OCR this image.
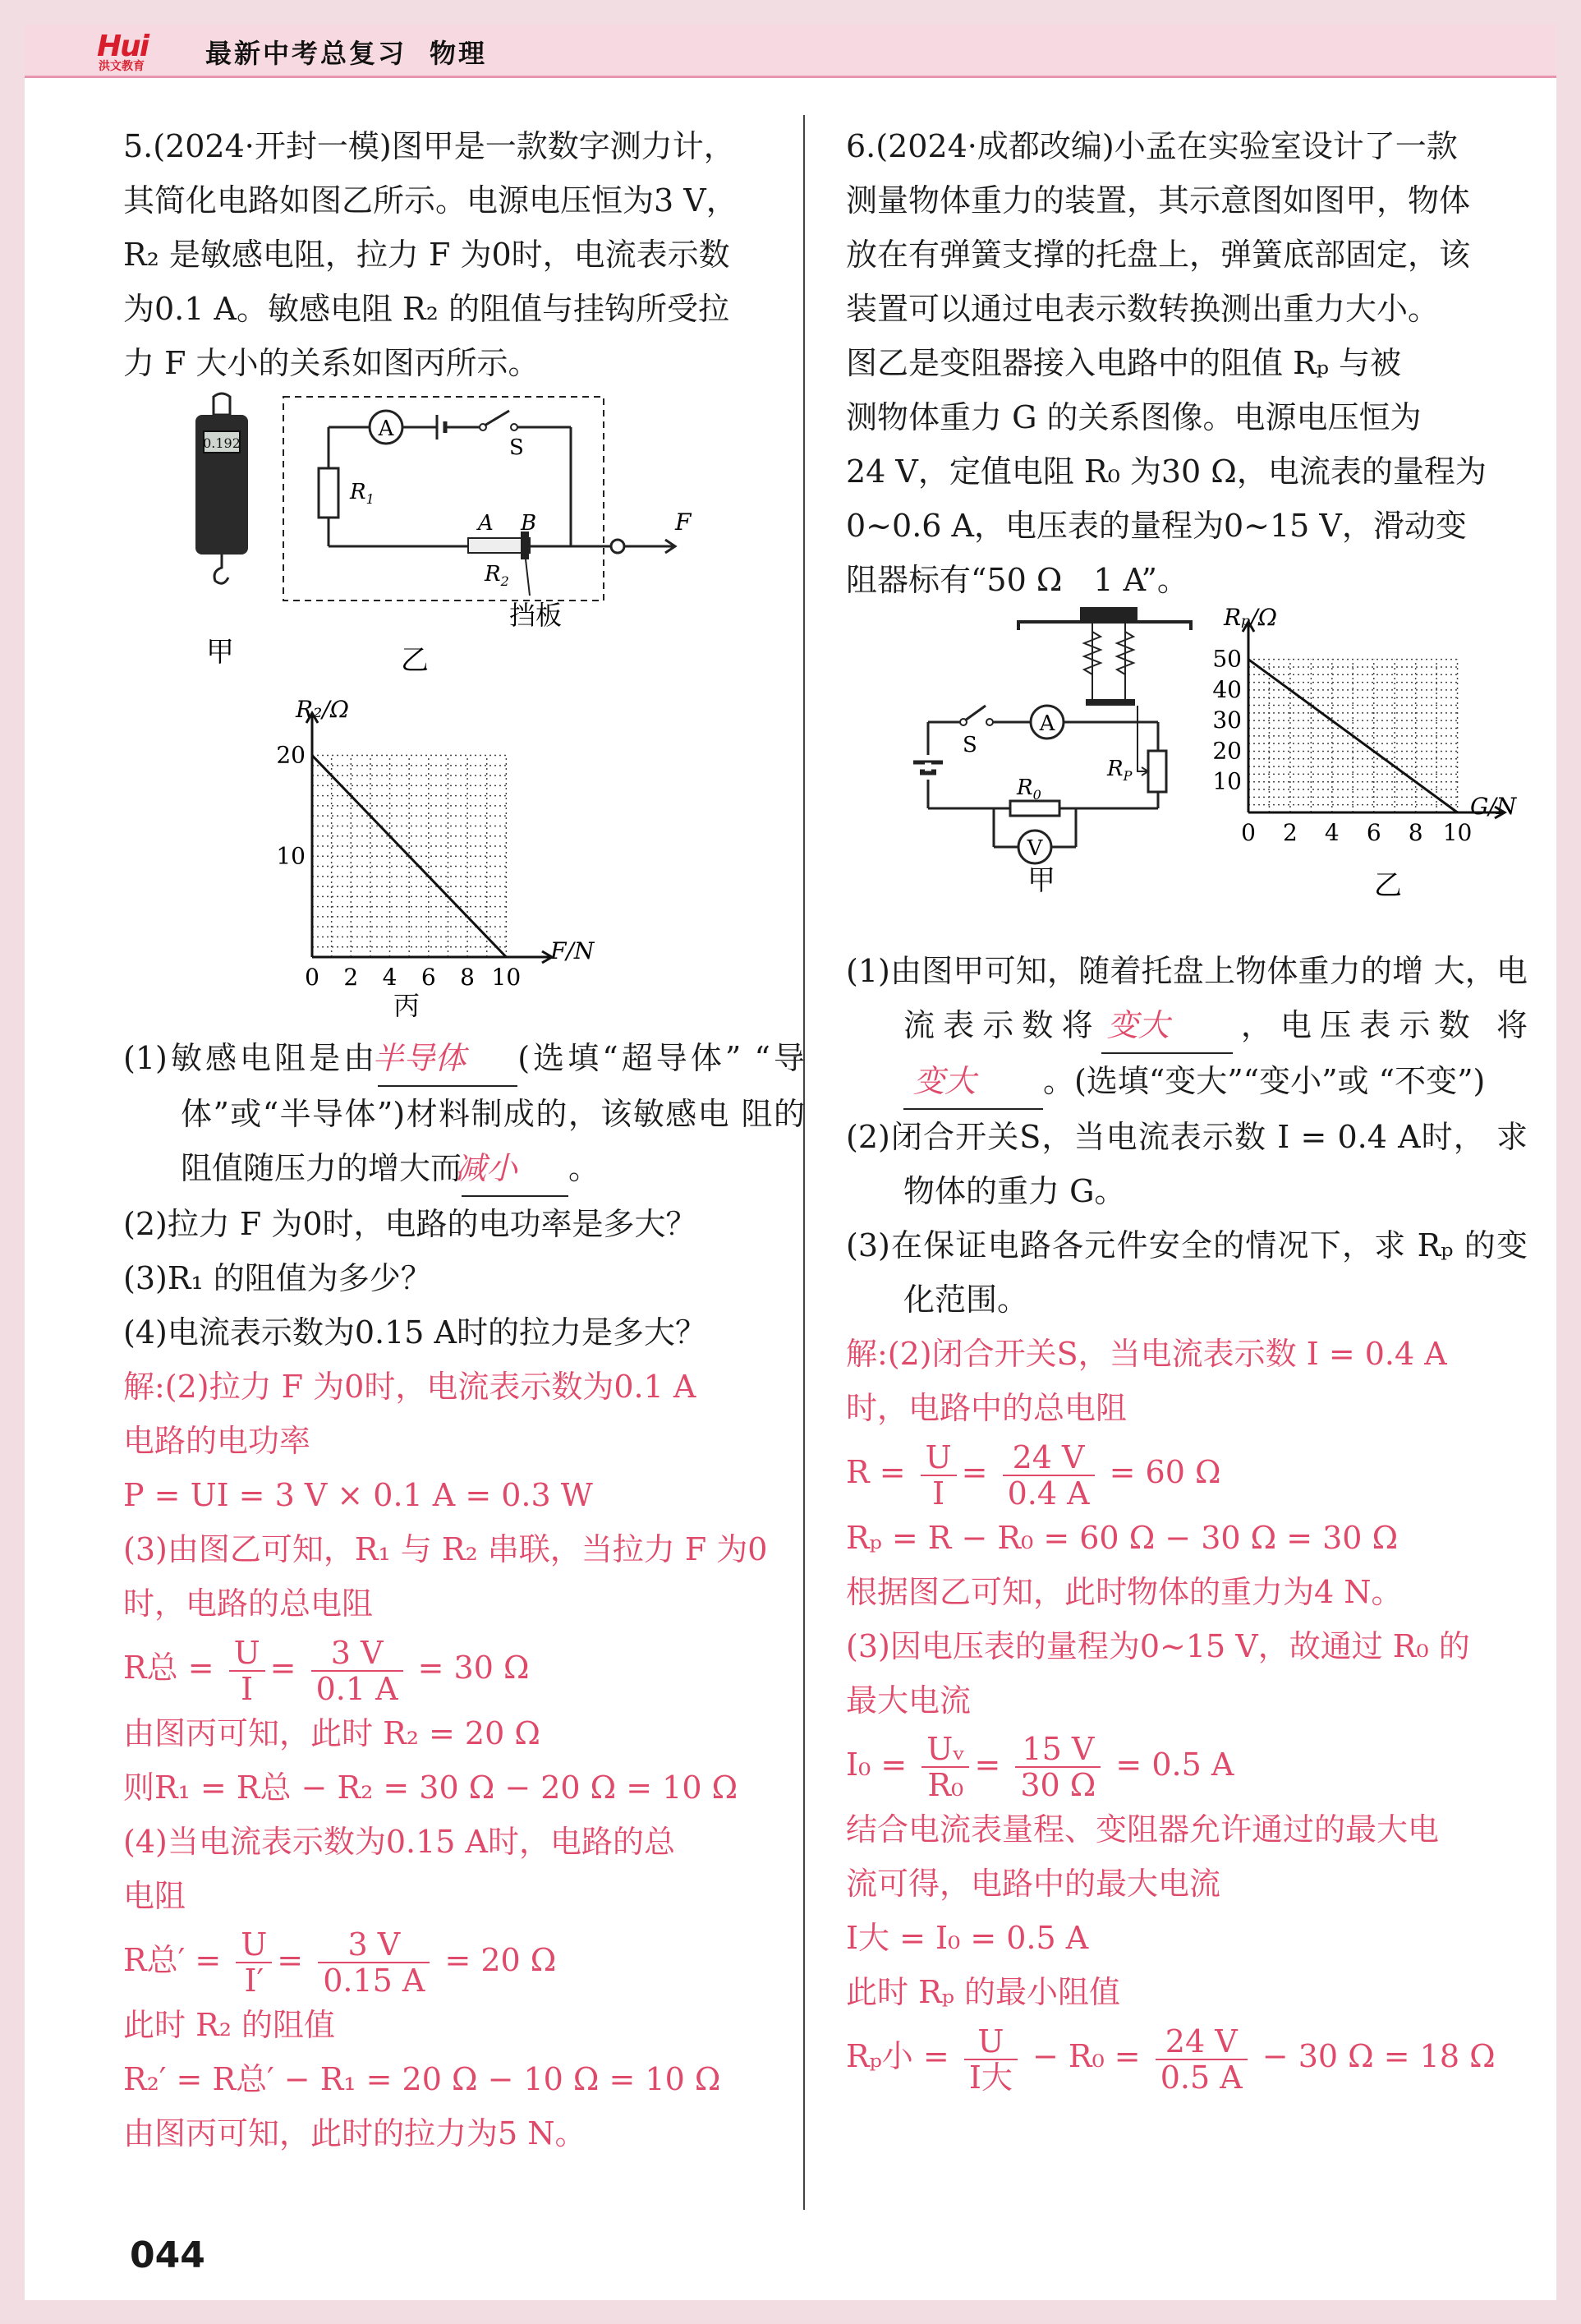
Hui
洪文教育 最新中考总复习 物理

5.(2024·开封一模)图甲是一款数字测力计，

其简化电路如图乙所示。电源电压恒为3 V，

R₂ 是敏感电阻，拉力 F 为0时，电流表示数

为0.1 A。敏感电阻 R₂ 的阻值与挂钩所受拉

力 F 大小的关系如图丙所示。

0.192
甲
A
S
$R_1$
F
A B
$R_2$
挡板
乙
R₂/Ω
F/N
丙
0 2 4 6 8 10
10
20

(1)敏感电阻是由半导体 (选填“超导体” “导体”或“半导体”)材料制成的，该敏感电 阻的阻值随压力的增大而减小 。

(2)拉力 F 为0时，电路的电功率是多大？

(3)R₁ 的阻值为多少？

(4)电流表示数为0.15 A时的拉力是多大？

解:(2)拉力 F 为0时，电流表示数为0.1 A

电路的电功率

P = UI = 3 V × 0.1 A = 0.3 W

(3)由图乙可知，R₁ 与 R₂ 串联，当拉力 F 为0

时，电路的总电阻

R总 = $\frac{U}{I} = \frac{3 V}{0.1 A} = 30$ Ω

由图丙可知，此时 R₂ = 20 Ω

则R₁ = R总 − R₂ = 30 Ω − 20 Ω = 10 Ω

(4)当电流表示数为0.15 A时，电路的总

电阻

R总′ = $\frac{U}{I'} = \frac{3 V}{0.15 A} = 20$ Ω

此时 R₂ 的阻值

R₂′ = R总′ − R₁ = 20 Ω − 10 Ω = 10 Ω

由图丙可知，此时的拉力为5 N。

6.(2024·成都改编)小孟在实验室设计了一款

测量物体重力的装置，其示意图如图甲，物体

放在有弹簧支撑的托盘上，弹簧底部固定，该

装置可以通过电表示数转换测出重力大小。

图乙是变阻器接入电路中的阻值 Rₚ 与被

测物体重力 G 的关系图像。电源电压恒为

24 V，定值电阻 R₀ 为30 Ω，电流表的量程为

0~0.6 A，电压表的量程为0~15 V，滑动变

阻器标有“50 Ω　1 A”。

S
A
$R_P$
$R_0$
V
甲
Rₚ/Ω
G/N
乙
0 2 4 6 8 10
10
20
30
40
50

(1)由图甲可知，随着托盘上物体重力的增 大，电流表示数将 变大 ，电压表示数 将变大 。(选填“变大”“变小”或 “不变”)

(2)闭合开关S，当电流表示数 I = 0.4 A时， 求物体的重力 G。

(3)在保证电路各元件安全的情况下，求 Rₚ 的变化范围。

解:(2)闭合开关S，当电流表示数 I = 0.4 A

时，电路中的总电阻

$R = \frac{U}{I} = \frac{24 V}{0.4 A} = 60$ Ω

Rₚ = R − R₀ = 60 Ω − 30 Ω = 30 Ω

根据图乙可知，此时物体的重力为4 N。

(3)因电压表的量程为0~15 V，故通过 R₀ 的

最大电流

$I_0 = \frac{\text{Uᵥ}}{\text{R₀}} = \frac{15 V}{30 \Omega} = 0.5$ A

结合电流表量程、变阻器允许通过的最大电

流可得，电路中的最大电流

I大 = I₀ = 0.5 A

此时 Rₚ 的最小阻值

Rₚ小 = $\frac{U}{\text{I大}} - R_0 = \frac{24 V}{0.5 A} - 30$ Ω = 18 Ω

044
